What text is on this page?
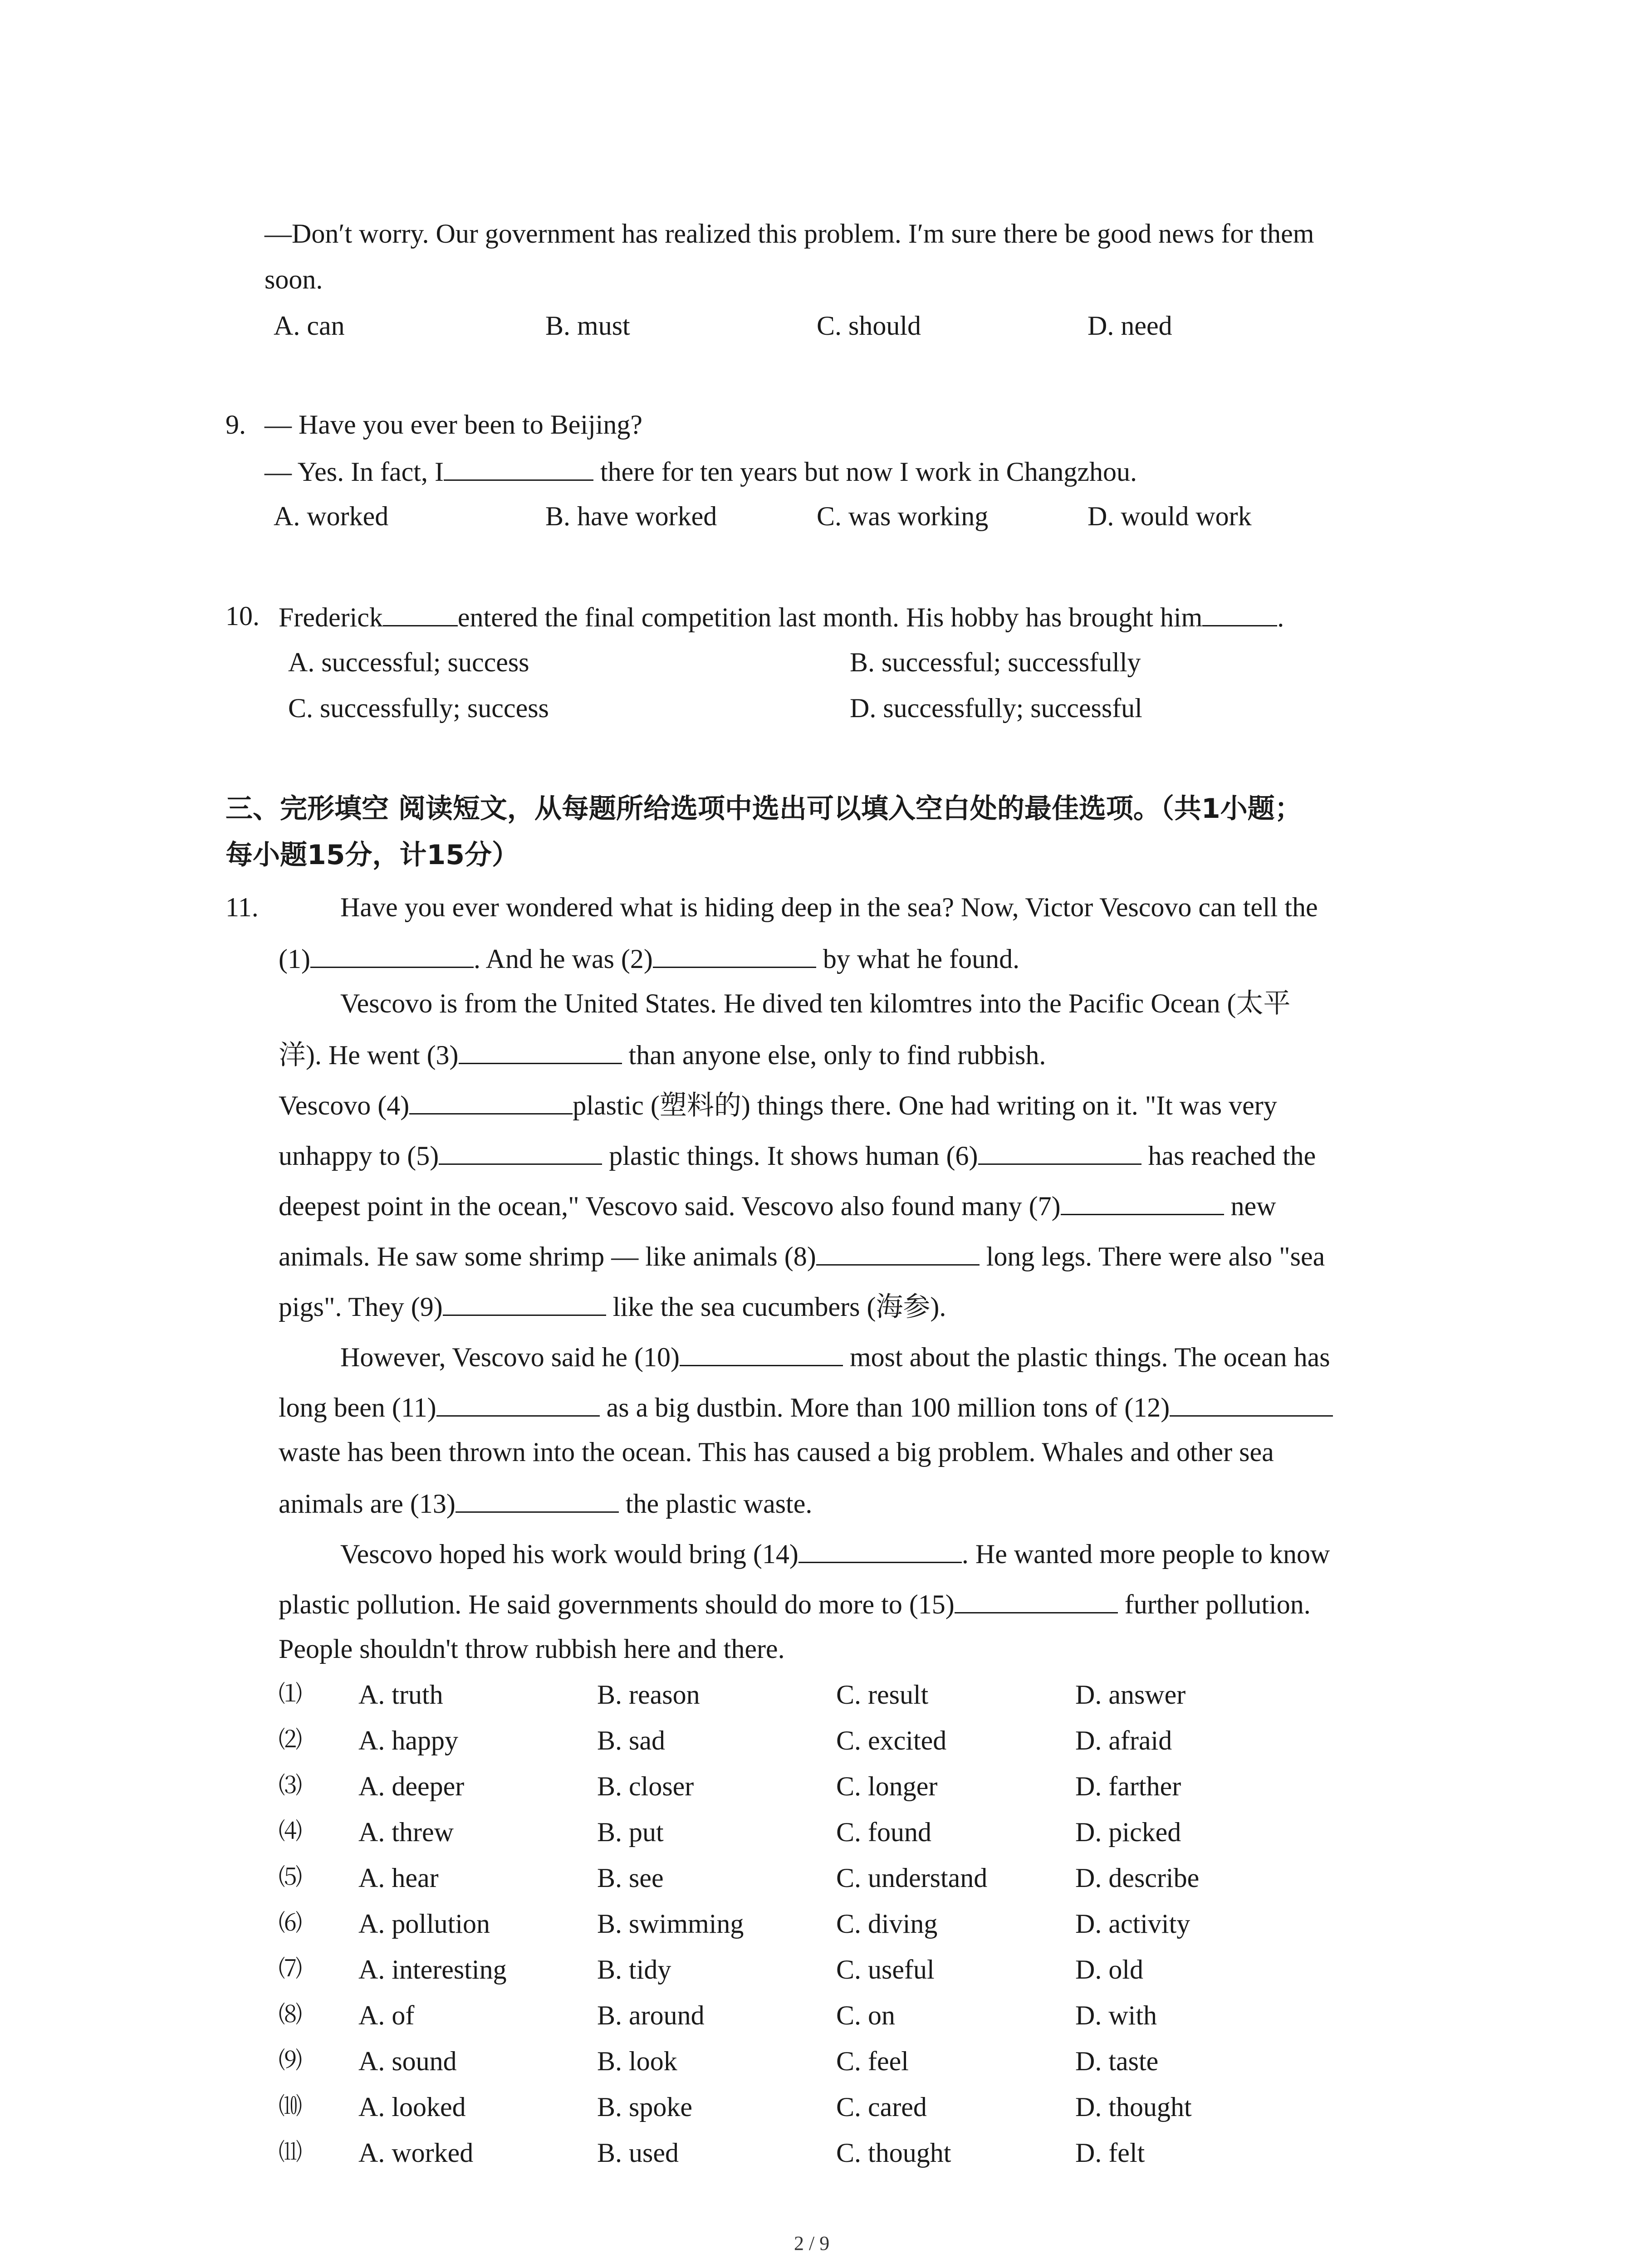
—Don′t worry. Our government has realized this problem. I′m sure there be good news for them
soon.
A. can	B. must	C. should	D. need
9. — Have you ever been to Beijing?
— Yes. In fact, I	there for ten years but now I work in Changzhou.
A. worked	B. have worked	C. was working	D. would work
10. Frederick	entered the final competition last month. His hobby has brought him	.
A. successful; success	B. successful; successfully
C. successfully; success	D. successfully; successful
三、完形填空 阅读短文，从每题所给选项中选出可以填入空白处的最佳选项。（共1小题；
每小题15分，计15分）
11.	Have you ever wondered what is hiding deep in the sea? Now, Victor Vescovo can tell the
(1)	. And he was (2)	by what he found.
Vescovo is from the United States. He dived ten kilomtres into the Pacific Ocean (太平
洋). He went (3)	than anyone else, only to find rubbish.
Vescovo (4)	plastic (塑料的) things there. One had writing on it. "It was very
unhappy to (5)	plastic things. It shows human (6)	has reached the
deepest point in the ocean," Vescovo said. Vescovo also found many (7)	new
animals. He saw some shrimp — like animals (8)	long legs. There were also "sea
pigs". They (9)	like the sea cucumbers (海参).
However, Vescovo said he (10)	most about the plastic things. The ocean has
long been (11)	as a big dustbin. More than 100 million tons of (12)
waste has been thrown into the ocean. This has caused a big problem. Whales and other sea
animals are (13)	the plastic waste.
Vescovo hoped his work would bring (14)	. He wanted more people to know
plastic pollution. He said governments should do more to (15)	further pollution.
People shouldn't throw rubbish here and there.
⑴ A. truth	B. reason	C. result	D. answer
⑵ A. happy	B. sad	C. excited	D. afraid
⑶ A. deeper	B. closer	C. longer	D. farther
⑷ A. threw	B. put	C. found	D. picked
⑸ A. hear	B. see	C. understand	D. describe
⑹ A. pollution	B. swimming	C. diving	D. activity
⑺ A. interesting	B. tidy	C. useful	D. old
⑻ A. of	B. around	C. on	D. with
⑼ A. sound	B. look	C. feel	D. taste
⑽ A. looked	B. spoke	C. cared	D. thought
⑾ A. worked	B. used	C. thought	D. felt
2 / 9
